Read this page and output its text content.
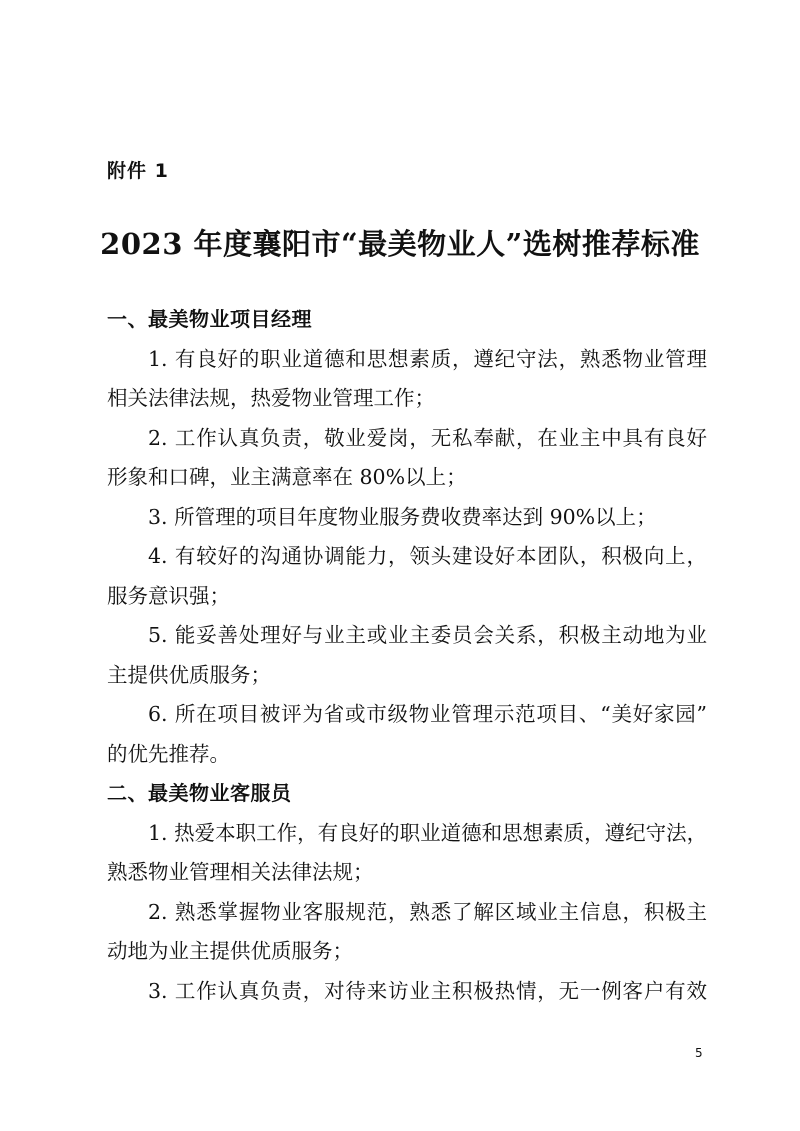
附件 1
2023 年度襄阳市“最美物业人”选树推荐标准
一、最美物业项目经理
1. 有良好的职业道德和思想素质，遵纪守法，熟悉物业管理
相关法律法规，热爱物业管理工作；
2. 工作认真负责，敬业爱岗，无私奉献，在业主中具有良好
形象和口碑，业主满意率在 80%以上；
3. 所管理的项目年度物业服务费收费率达到 90%以上；
4. 有较好的沟通协调能力，领头建设好本团队，积极向上，
服务意识强；
5. 能妥善处理好与业主或业主委员会关系，积极主动地为业
主提供优质服务；
6. 所在项目被评为省或市级物业管理示范项目、“美好家园”
的优先推荐。
二、最美物业客服员
1. 热爱本职工作，有良好的职业道德和思想素质，遵纪守法，
熟悉物业管理相关法律法规；
2. 熟悉掌握物业客服规范，熟悉了解区域业主信息，积极主
动地为业主提供优质服务；
3. 工作认真负责，对待来访业主积极热情，无一例客户有效
5
